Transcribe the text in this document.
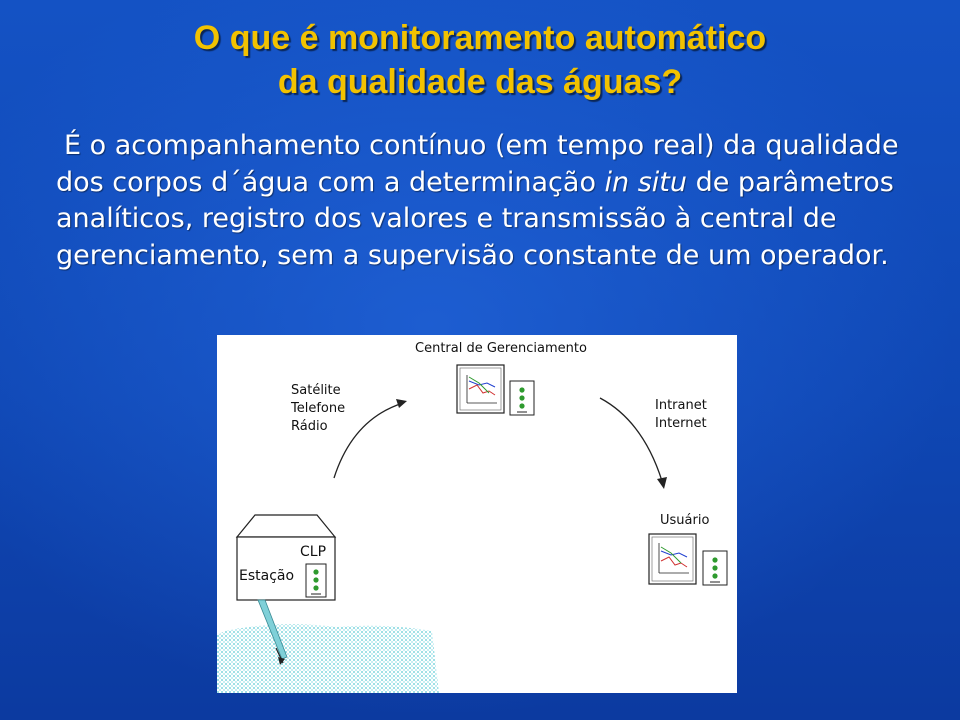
O que é monitoramento automático
da qualidade das águas?
É o acompanhamento contínuo (em tempo real) da qualidade dos corpos d´água com a determinação in situ de parâmetros analíticos, registro dos valores e transmissão à central de gerenciamento, sem a supervisão constante de um operador.
Central de Gerenciamento
Satélite
Telefone
Rádio
Intranet
Internet
Usuário
CLP
Estação
